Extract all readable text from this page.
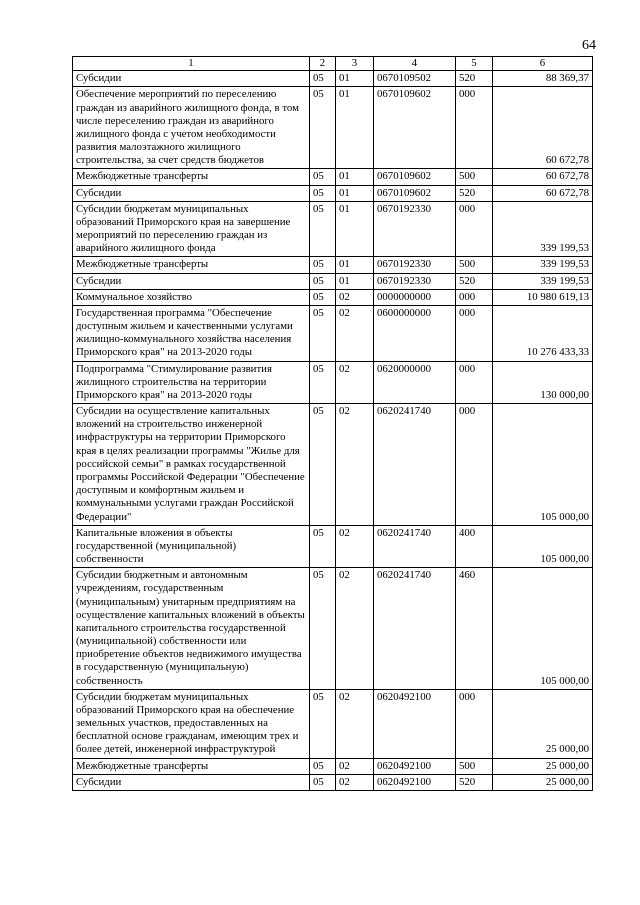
64
1	2	3	4	5	6
Субсидии	05	01	0670109502	520	88 369,37
Обеспечение мероприятий по переселению граждан из аварийного жилищного фонда, в том числе переселению граждан из аварийного жилищного фонда с учетом необходимости развития малоэтажного жилищного строительства, за счет средств бюджетов	05	01	0670109602	000	60 672,78
Межбюджетные трансферты	05	01	0670109602	500	60 672,78
Субсидии	05	01	0670109602	520	60 672,78
Субсидии бюджетам муниципальных образований Приморского края на завершение мероприятий по переселению граждан из аварийного жилищного фонда	05	01	0670192330	000	339 199,53
Межбюджетные трансферты	05	01	0670192330	500	339 199,53
Субсидии	05	01	0670192330	520	339 199,53
Коммунальное хозяйство	05	02	0000000000	000	10 980 619,13
Государственная программа "Обеспечение доступным жильем и качественными услугами жилищно-коммунального хозяйства населения Приморского края" на 2013-2020 годы	05	02	0600000000	000	10 276 433,33
Подпрограмма "Стимулирование развития жилищного строительства на территории Приморского края" на 2013-2020 годы	05	02	0620000000	000	130 000,00
Субсидии на осуществление капитальных вложений на строительство инженерной инфраструктуры на территории Приморского края в целях реализации программы "Жилье для российской семьи" в рамках государственной программы Российской Федерации "Обеспечение доступным и комфортным жильем и коммунальными услугами граждан Российской Федерации"	05	02	0620241740	000	105 000,00
Капитальные вложения в объекты государственной (муниципальной) собственности	05	02	0620241740	400	105 000,00
Субсидии бюджетным и автономным учреждениям, государственным (муниципальным) унитарным предприятиям на осуществление капитальных вложений в объекты капитального строительства государственной (муниципальной) собственности или приобретение объектов недвижимого имущества в государственную (муниципальную) собственность	05	02	0620241740	460	105 000,00
Субсидии бюджетам муниципальных образований Приморского края на обеспечение земельных участков, предоставленных на бесплатной основе гражданам, имеющим трех и более детей, инженерной инфраструктурой	05	02	0620492100	000	25 000,00
Межбюджетные трансферты	05	02	0620492100	500	25 000,00
Субсидии	05	02	0620492100	520	25 000,00
